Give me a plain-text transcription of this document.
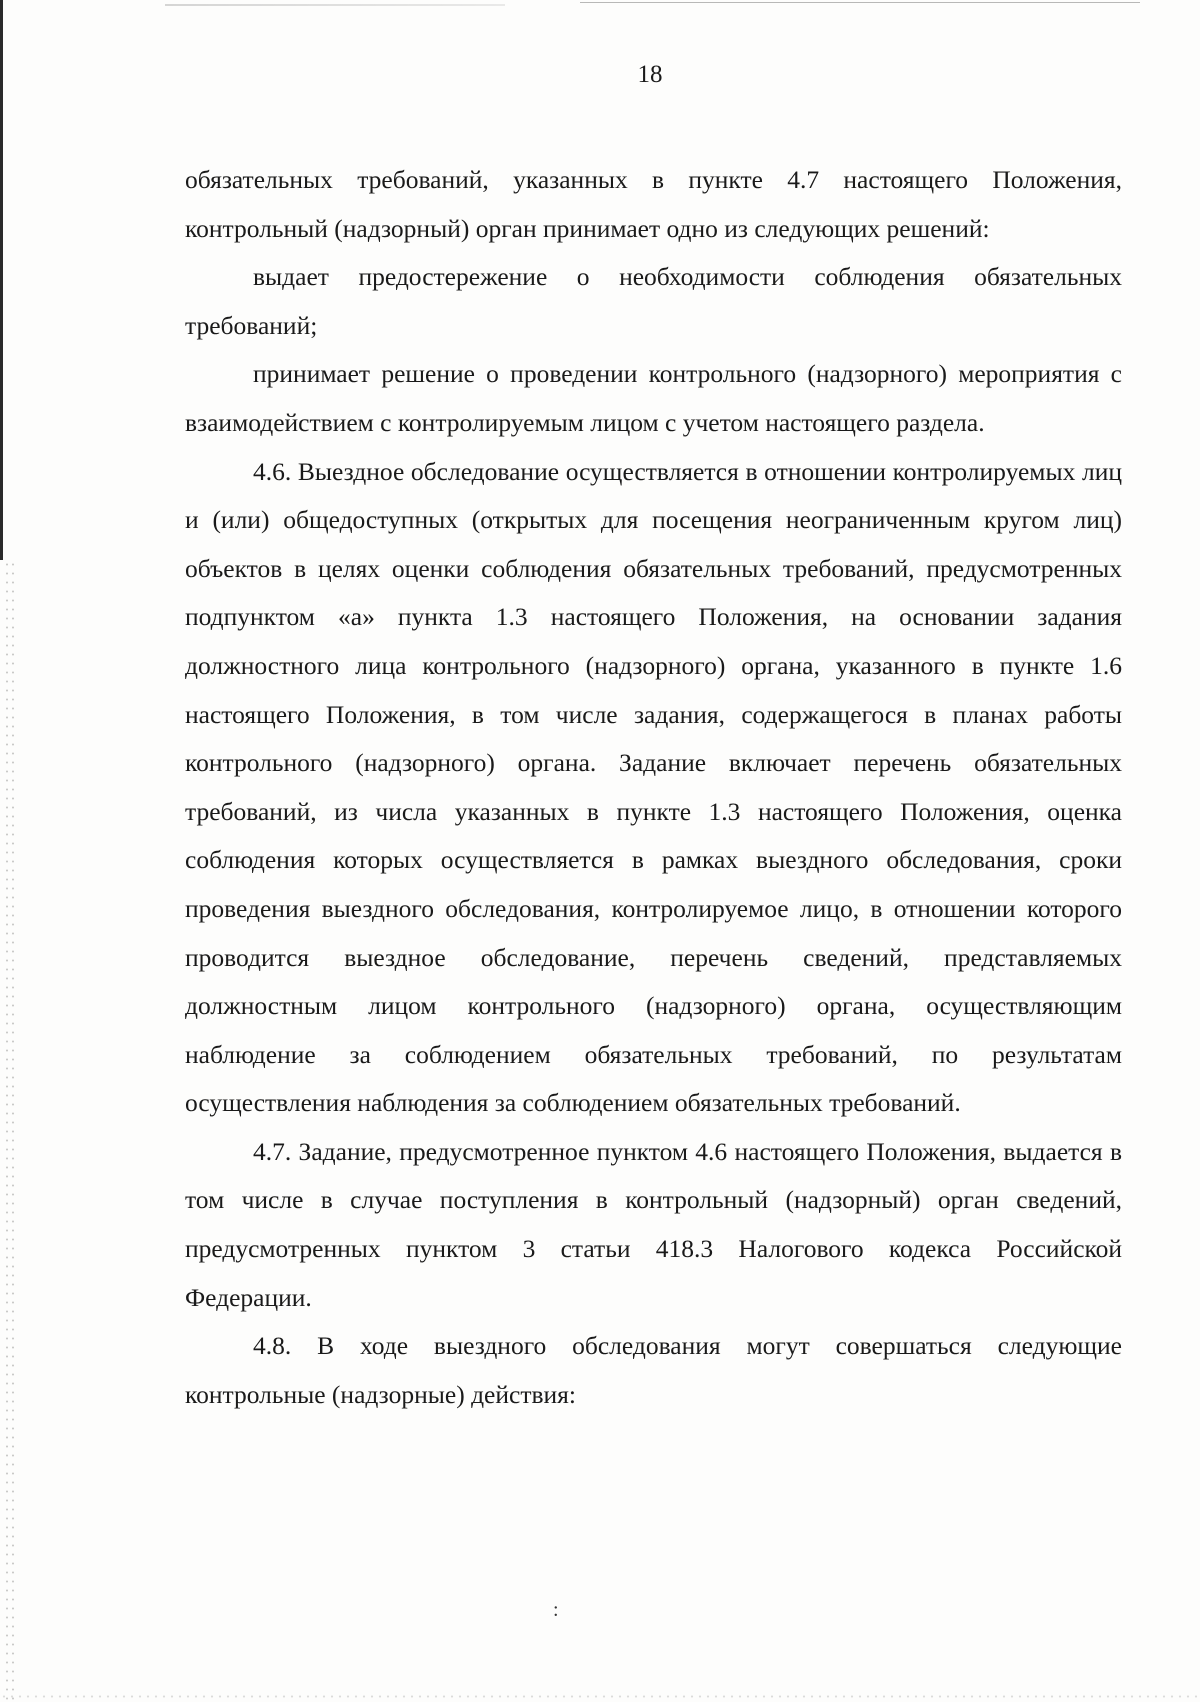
18

обязательных требований, указанных в пункте 4.7 настоящего Положения, контрольный (надзорный) орган принимает одно из следующих решений:

выдает предостережение о необходимости соблюдения обязательных требований;

принимает решение о проведении контрольного (надзорного) мероприятия с взаимодействием с контролируемым лицом с учетом настоящего раздела.

4.6. Выездное обследование осуществляется в отношении контролируемых лиц и (или) общедоступных (открытых для посещения неограниченным кругом лиц) объектов в целях оценки соблюдения обязательных требований, предусмотренных подпунктом «а» пункта 1.3 настоящего Положения, на основании задания должностного лица контрольного (надзорного) органа, указанного в пункте 1.6 настоящего Положения, в том числе задания, содержащегося в планах работы контрольного (надзорного) органа. Задание включает перечень обязательных требований, из числа указанных в пункте 1.3 настоящего Положения, оценка соблюдения которых осуществляется в рамках выездного обследования, сроки проведения выездного обследования, контролируемое лицо, в отношении которого проводится выездное обследование, перечень сведений, представляемых должностным лицом контрольного (надзорного) органа, осуществляющим наблюдение за соблюдением обязательных требований, по результатам осуществления наблюдения за соблюдением обязательных требований.

4.7. Задание, предусмотренное пунктом 4.6 настоящего Положения, выдается в том числе в случае поступления в контрольный (надзорный) орган сведений, предусмотренных пунктом 3 статьи 418.3 Налогового кодекса Российской Федерации.

4.8. В ходе выездного обследования могут совершаться следующие контрольные (надзорные) действия:

:
